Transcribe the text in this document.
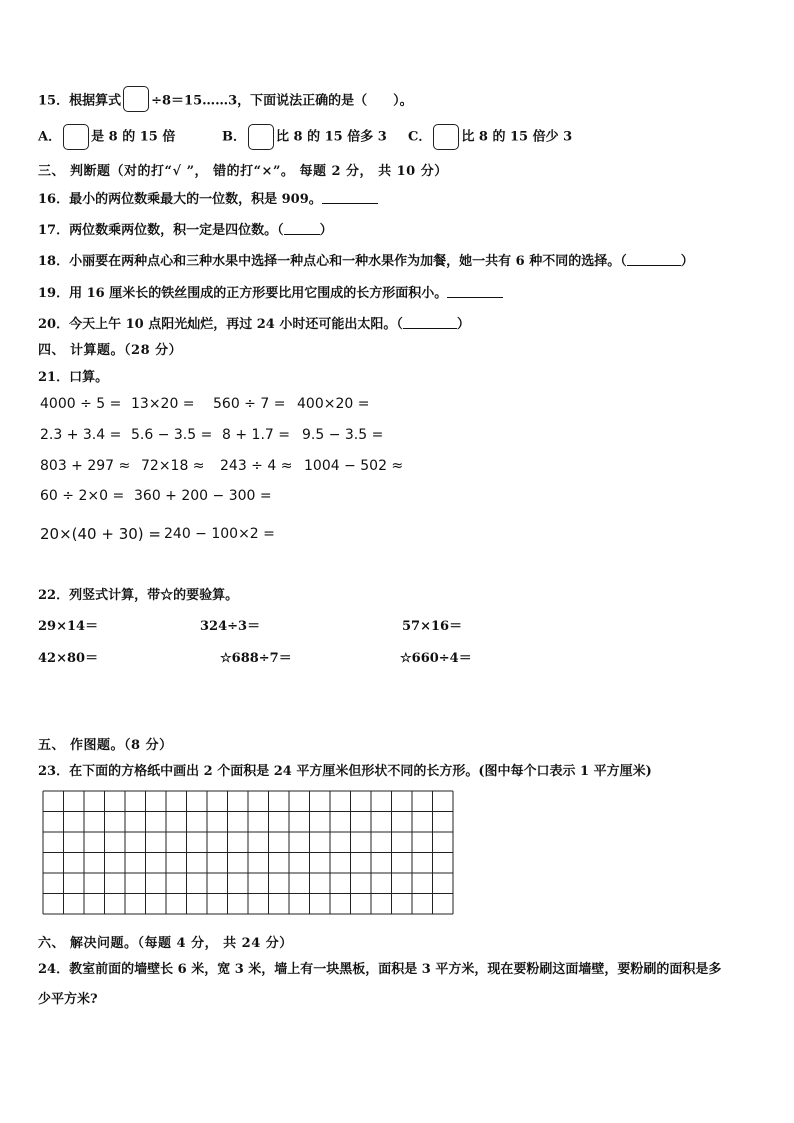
15．根据算式 ÷8＝15……3，下面说法正确的是（　　）。
A． 是 8 的 15 倍	B． 比 8 的 15 倍多 3 C． 比 8 的 15 倍少 3
三、 判断题（对的打“√ ”， 错的打“×”。 每题 2 分， 共 10 分）
16．最小的两位数乘最大的一位数，积是 909。
17．两位数乘两位数，积一定是四位数。（	）
18．小丽要在两种点心和三种水果中选择一种点心和一种水果作为加餐，她一共有 6 种不同的选择。（	）
19．用 16 厘米长的铁丝围成的正方形要比用它围成的长方形面积小。
20．今天上午 10 点阳光灿烂，再过 24 小时还可能出太阳。（	）
四、 计算题。（28 分）
21．口算。
4000 ÷ 5 = 13×20 = 560 ÷ 7 = 400×20 =
2.3 + 3.4 = 5.6 − 3.5 = 8 + 1.7 = 9.5 − 3.5 =
803 + 297 ≈ 72×18 ≈ 243 ÷ 4 ≈ 1004 − 502 ≈
60 ÷ 2×0 = 360 + 200 − 300 =
20×(40 + 30) = 240 − 100×2 =
22．列竖式计算，带☆的要验算。
29×14＝	324÷3＝	57×16＝
42×80＝	☆688÷7＝	☆660÷4＝
五、 作图题。（8 分）
23．在下面的方格纸中画出 2 个面积是 24 平方厘米但形状不同的长方形。(图中每个口表示 1 平方厘米)
六、 解决问题。（每题 4 分， 共 24 分）
24．教室前面的墙壁长 6 米，宽 3 米，墙上有一块黑板，面积是 3 平方米，现在要粉刷这面墙壁，要粉刷的面积是多
少平方米?
